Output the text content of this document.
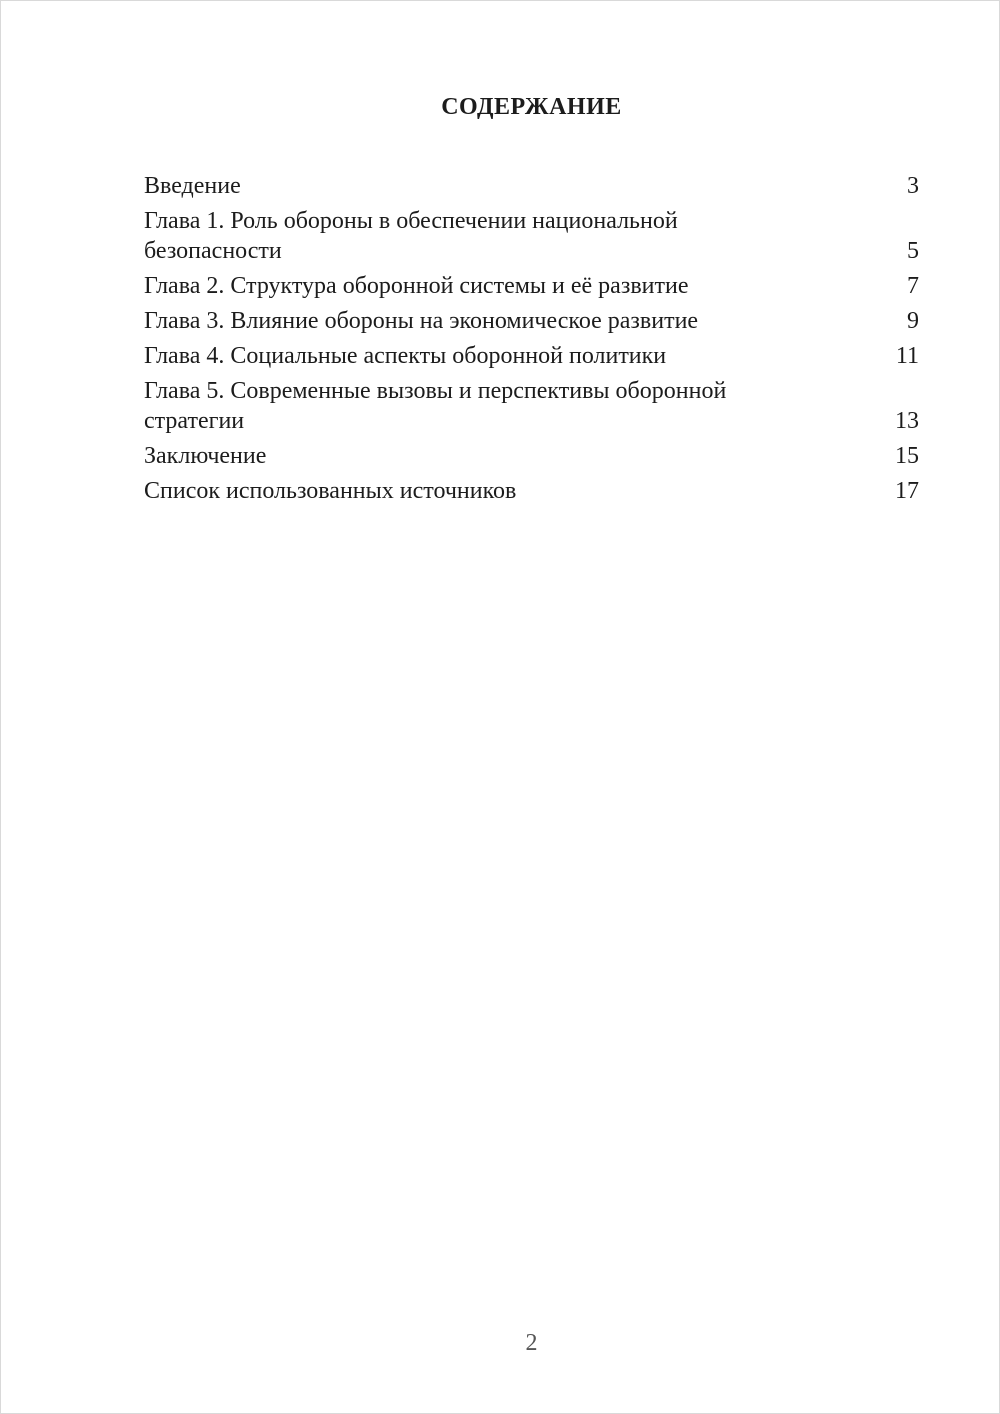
СОДЕРЖАНИЕ
Введение	3
Глава 1. Роль обороны в обеспечении национальной безопасности	5
Глава 2. Структура оборонной системы и её развитие	7
Глава 3. Влияние обороны на экономическое развитие	9
Глава 4. Социальные аспекты оборонной политики	11
Глава 5. Современные вызовы и перспективы оборонной стратегии	13
Заключение	15
Список использованных источников	17
2
